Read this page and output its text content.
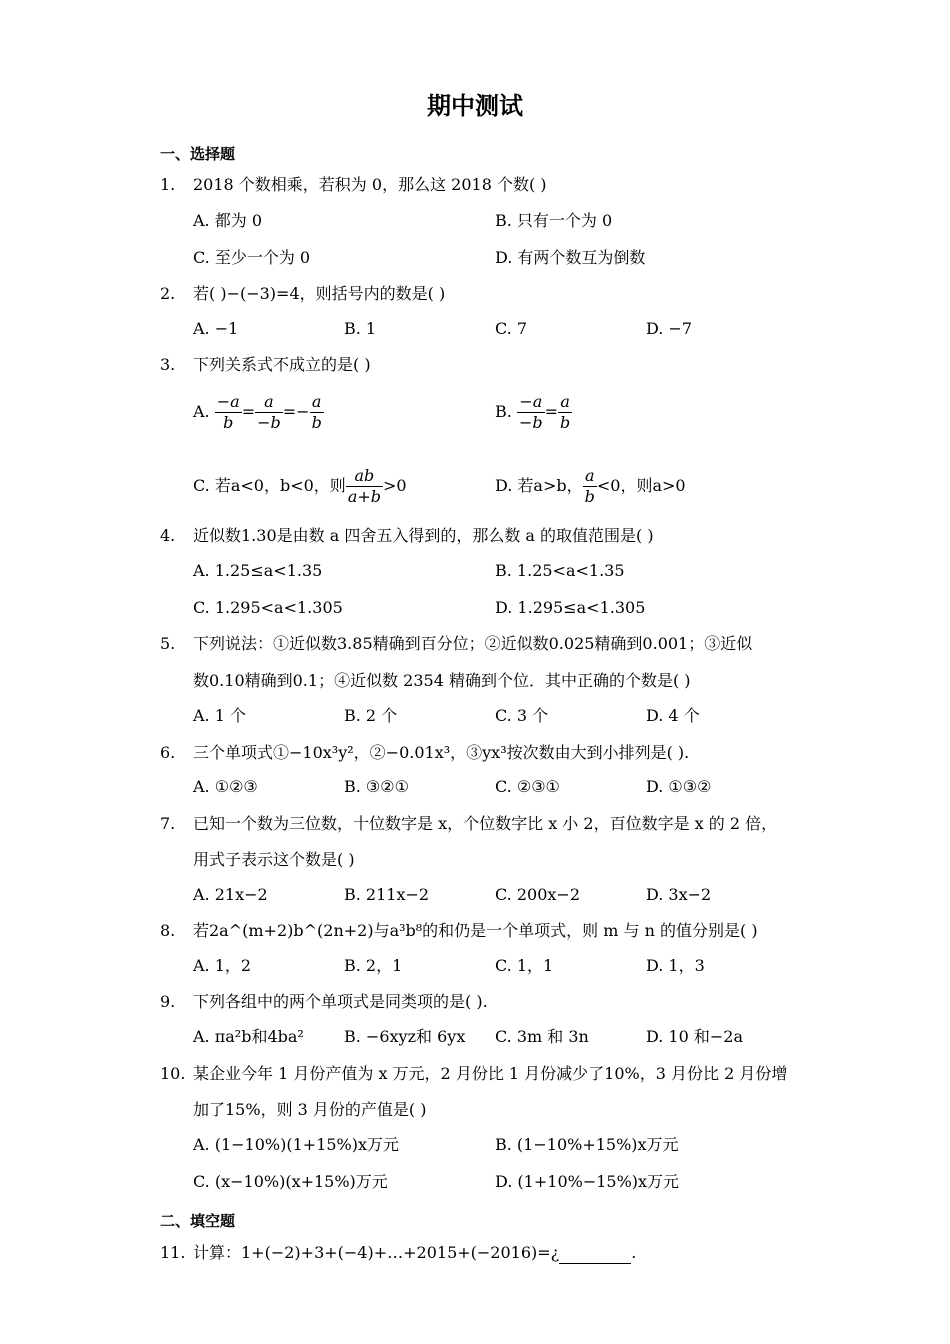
期中测试
一、选择题
1. 2018 个数相乘，若积为 0，那么这 2018 个数( )
A. 都为 0	B. 只有一个为 0
C. 至少一个为 0	D. 有两个数互为倒数
2. 若( )−(−3)=4，则括号内的数是( )
A. −1	B. 1	C. 7	D. −7
3. 下列关系式不成立的是( )
A. $\frac{-a}{b} = \frac{a}{-b} =- \frac{a}{b}$	B. $\frac{-a}{-b} = \frac{a}{b}$
C. 若a<0，b<0，则 $\frac{ab}{a+b} >0$	D. 若a>b， $\frac{a}{b} <0$，则a>0
4. 近似数1.30是由数 a 四舍五入得到的，那么数 a 的取值范围是( )
A. 1.25≤a<1.35	B. 1.25<a<1.35
C. 1.295<a<1.305	D. 1.295≤a<1.305
5. 下列说法：①近似数3.85精确到百分位；②近似数0.025精确到0.001；③近似
数0.10精确到0.1；④近似数 2354 精确到个位．其中正确的个数是( )
A. 1 个	B. 2 个	C. 3 个	D. 4 个
6. 三个单项式①−10x³y²，②−0.01x³，③yx³按次数由大到小排列是( ).
A. ①②③	B. ③②①	C. ②③①	D. ①③②
7. 已知一个数为三位数，十位数字是 x，个位数字比 x 小 2，百位数字是 x 的 2 倍，
用式子表示这个数是( )
A. 21x−2	B. 211x−2	C. 200x−2	D. 3x−2
8. 若2a^(m+2)b^(2n+2)与a³b⁸的和仍是一个单项式，则 m 与 n 的值分别是( )
A. 1，2	B. 2，1	C. 1，1	D. 1，3
9. 下列各组中的两个单项式是同类项的是( ).
A. πa²b和4ba²	B. −6xyz和 6yx C. 3m 和 3n	D. 10 和−2a
10. 某企业今年 1 月份产值为 x 万元，2 月份比 1 月份减少了10%，3 月份比 2 月份增
加了15%，则 3 月份的产值是( )
A. (1−10%)(1+15%)x万元	B. (1−10%+15%)x万元
C. (x−10%)(x+15%)万元	D. (1+10%−15%)x万元
二、填空题
11. 计算：1+(−2)+3+(−4)+…+2015+(−2016)=¿	.
